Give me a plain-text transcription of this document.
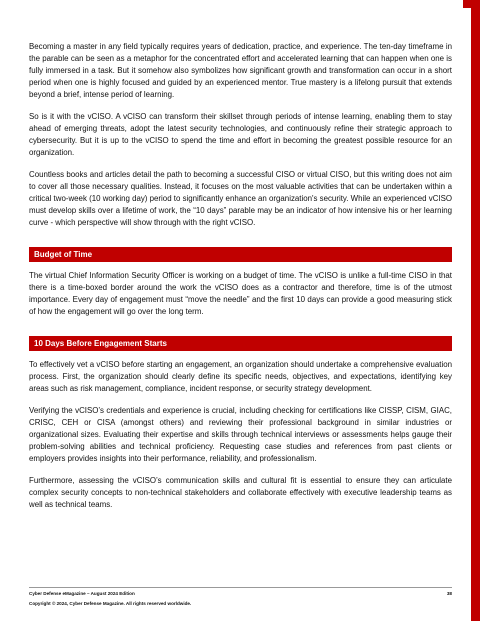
Becoming a master in any field typically requires years of dedication, practice, and experience. The ten-day timeframe in the parable can be seen as a metaphor for the concentrated effort and accelerated learning that can happen when one is fully immersed in a task. But it somehow also symbolizes how significant growth and transformation can occur in a short period when one is highly focused and guided by an experienced mentor. True mastery is a lifelong pursuit that extends beyond a brief, intense period of learning.

So is it with the vCISO. A vCISO can transform their skillset through periods of intense learning, enabling them to stay ahead of emerging threats, adopt the latest security technologies, and continuously refine their strategic approach to cybersecurity. But it is up to the vCISO to spend the time and effort in becoming the greatest possible resource for an organization.

Countless books and articles detail the path to becoming a successful CISO or virtual CISO, but this writing does not aim to cover all those necessary qualities. Instead, it focuses on the most valuable activities that can be undertaken within a critical two-week (10 working day) period to significantly enhance an organization's security. While an experienced vCISO must develop skills over a lifetime of work, the “10 days” parable may be an indicator of how intensive his or her learning curve - which perspective will show through with the right vCISO.

Budget of Time

The virtual Chief Information Security Officer is working on a budget of time. The vCISO is unlike a full-time CISO in that there is a time-boxed border around the work the vCISO does as a contractor and therefore, time is of the utmost importance. Every day of engagement must “move the needle” and the first 10 days can provide a good measuring stick of how the engagement will go over the long term.

10 Days Before Engagement Starts

To effectively vet a vCISO before starting an engagement, an organization should undertake a comprehensive evaluation process. First, the organization should clearly define its specific needs, objectives, and expectations, identifying key areas such as risk management, compliance, incident response, or security strategy development.

Verifying the vCISO’s credentials and experience is crucial, including checking for certifications like CISSP, CISM, GIAC, CRISC, CEH or CISA (amongst others) and reviewing their professional background in similar industries or organizational sizes. Evaluating their expertise and skills through technical interviews or assessments helps gauge their problem-solving abilities and technical proficiency. Requesting case studies and references from past clients or employers provides insights into their performance, reliability, and professionalism.

Furthermore, assessing the vCISO’s communication skills and cultural fit is essential to ensure they can articulate complex security concepts to non-technical stakeholders and collaborate effectively with executive leadership teams as well as technical teams.

Cyber Defense eMagazine – August 2024 Edition	38
Copyright © 2024, Cyber Defense Magazine. All rights reserved worldwide.
